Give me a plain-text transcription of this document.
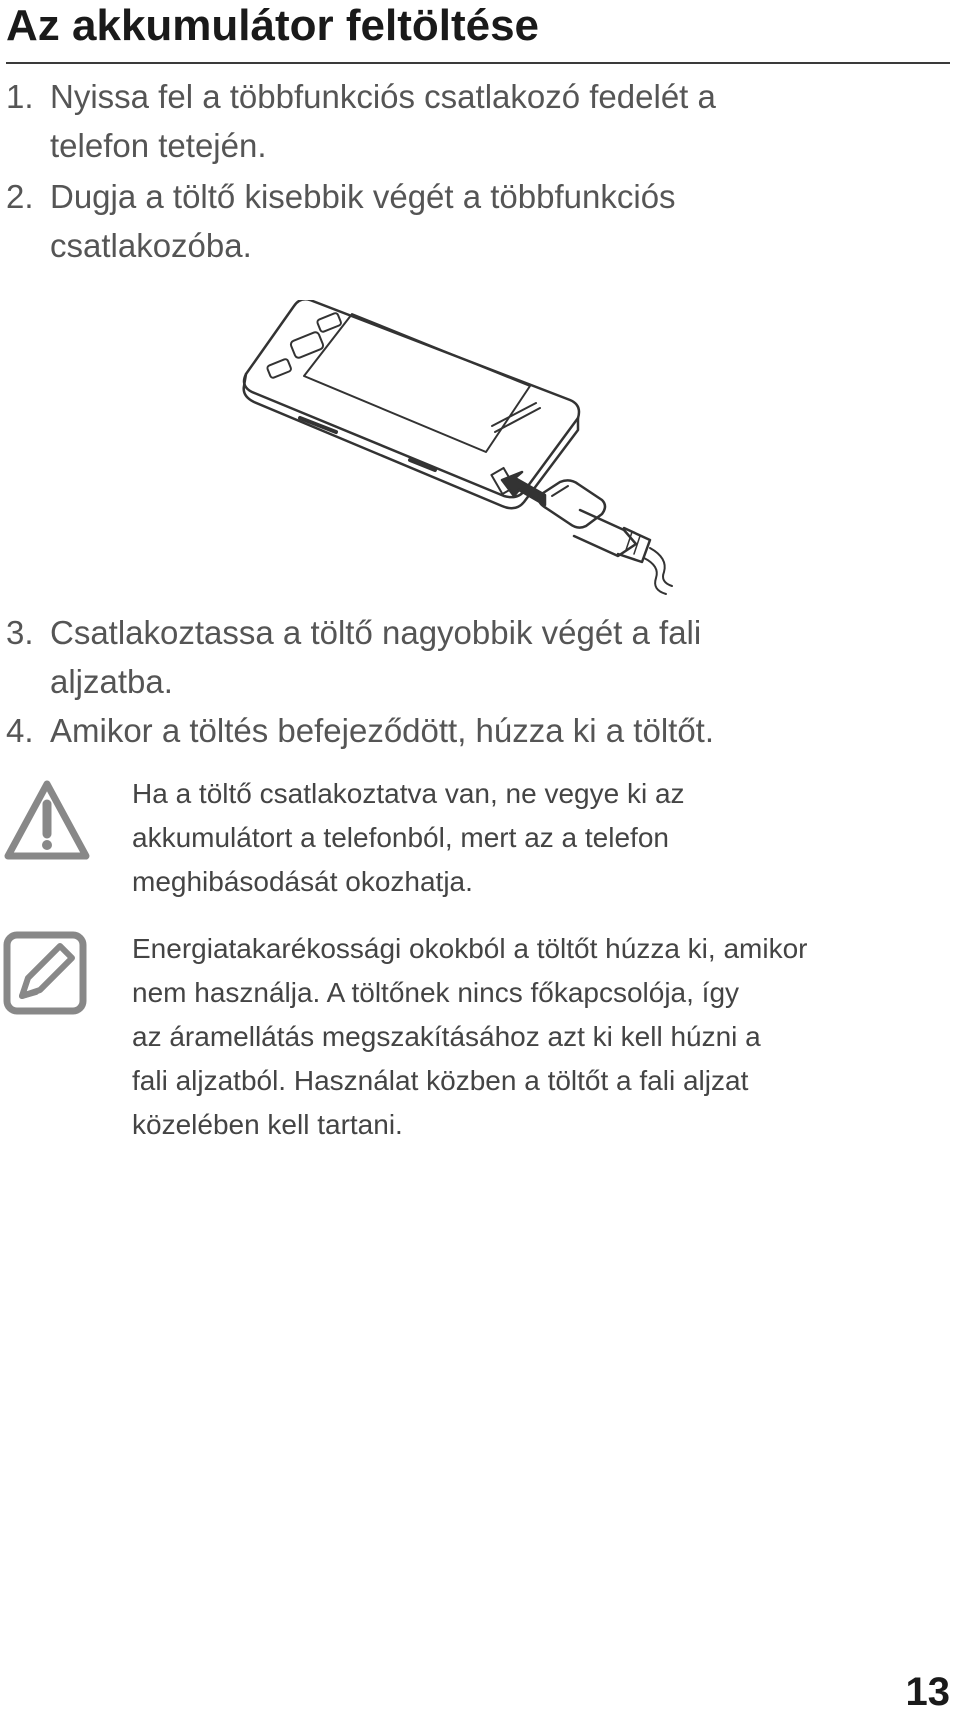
Az akkumulátor feltöltése
1. Nyissa fel a többfunkciós csatlakozó fedelét a
telefon tetején.
2. Dugja a töltő kisebbik végét a többfunkciós
csatlakozóba.
3. Csatlakoztassa a töltő nagyobbik végét a fali
aljzatba.
4. Amikor a töltés befejeződött, húzza ki a töltőt.
Ha a töltő csatlakoztatva van, ne vegye ki az
akkumulátort a telefonból, mert az a telefon
meghibásodását okozhatja.
Energiatakarékossági okokból a töltőt húzza ki, amikor
nem használja. A töltőnek nincs főkapcsolója, így
az áramellátás megszakításához azt ki kell húzni a
fali aljzatból. Használat közben a töltőt a fali aljzat
közelében kell tartani.
13
